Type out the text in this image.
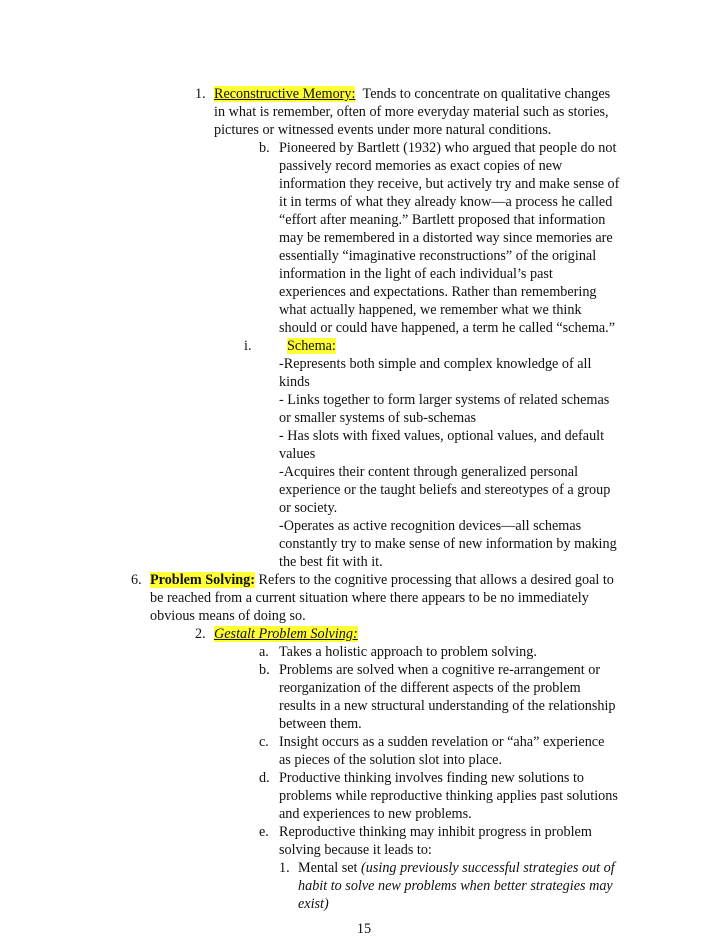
1. Reconstructive Memory: Tends to concentrate on qualitative changes
in what is remember, often of more everyday material such as stories,
pictures or witnessed events under more natural conditions.
b. Pioneered by Bartlett (1932) who argued that people do not
passively record memories as exact copies of new
information they receive, but actively try and make sense of
it in terms of what they already know—a process he called
“effort after meaning.” Bartlett proposed that information
may be remembered in a distorted way since memories are
essentially “imaginative reconstructions” of the original
information in the light of each individual’s past
experiences and expectations. Rather than remembering
what actually happened, we remember what we think
should or could have happened, a term he called “schema.”
i.	Schema:
-Represents both simple and complex knowledge of all
kinds
- Links together to form larger systems of related schemas
or smaller systems of sub-schemas
- Has slots with fixed values, optional values, and default
values
-Acquires their content through generalized personal
experience or the taught beliefs and stereotypes of a group
or society.
-Operates as active recognition devices—all schemas
constantly try to make sense of new information by making
the best fit with it.
6. Problem Solving: Refers to the cognitive processing that allows a desired goal to
be reached from a current situation where there appears to be no immediately
obvious means of doing so.
2. Gestalt Problem Solving:
a. Takes a holistic approach to problem solving.
b. Problems are solved when a cognitive re-arrangement or
reorganization of the different aspects of the problem
results in a new structural understanding of the relationship
between them.
c. Insight occurs as a sudden revelation or “aha” experience
as pieces of the solution slot into place.
d. Productive thinking involves finding new solutions to
problems while reproductive thinking applies past solutions
and experiences to new problems.
e. Reproductive thinking may inhibit progress in problem
solving because it leads to:
1. Mental set (using previously successful strategies out of
habit to solve new problems when better strategies may
exist)
15
